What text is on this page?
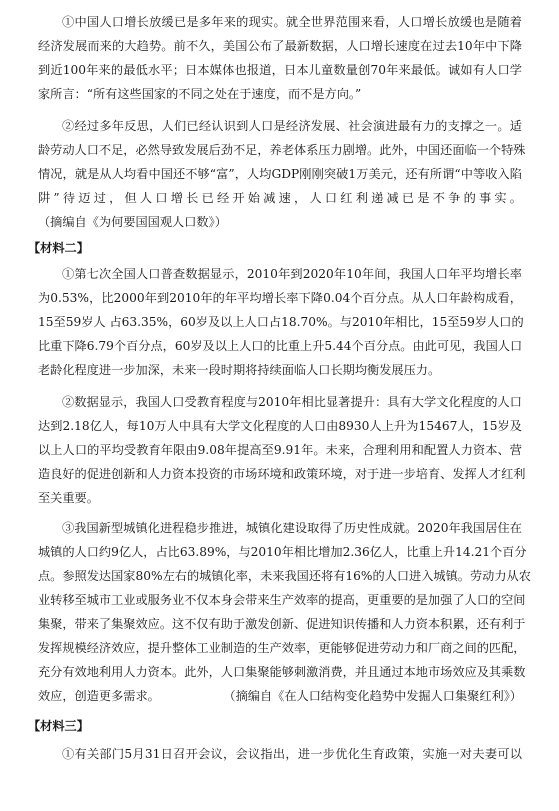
①中国人口增长放缓已是多年来的现实。就全世界范围来看，人口增长放缓也是随着
经济发展而来的大趋势。前不久，美国公布了最新数据，人口增长速度在过去10年中下降
到近100年来的最低水平；日本媒体也报道，日本儿童数量创70年来最低。诚如有人口学
家所言：“所有这些国家的不同之处在于速度，而不是方向。”
②经过多年反思，人们已经认识到人口是经济发展、社会演进最有力的支撑之一。适
龄劳动人口不足，必然导致发展后劲不足，养老体系压力剧增。此外，中国还面临一个特殊
情况，就是从人均看中国还不够“富”，人均GDP刚刚突破1万美元，还有所谓“中等收入陷
阱”待迈过，但人口增长已经开始减速，人口红利递减已是不争的事实。
（摘编自《为何要国国观人口数》）
【材料二】
①第七次全国人口普查数据显示，2010年到2020年10年间，我国人口年平均增长率
为0.53%，比2000年到2010年的年平均增长率下降0.04个百分点。从人口年龄构成看，
15至59岁人 占63.35%，60岁及以上人口占18.70%。与2010年相比，15至59岁人口的
比重下降6.79个百分点，60岁及以上人口的比重上升5.44个百分点。由此可见，我国人口
老龄化程度进一步加深，未来一段时期将持续面临人口长期均衡发展压力。
②数据显示，我国人口受教育程度与2010年相比显著提升：具有大学文化程度的人口
达到2.18亿人，每10万人中具有大学文化程度的人口由8930人上升为15467人，15岁及
以上人口的平均受教育年限由9.08年提高至9.91年。未来，合理利用和配置人力资本、营
造良好的促进创新和人力资本投资的市场环境和政策环境，对于进一步培育、发挥人才红利
至关重要。
③我国新型城镇化进程稳步推进，城镇化建设取得了历史性成就。2020年我国居住在
城镇的人口约9亿人，占比63.89%，与2010年相比增加2.36亿人，比重上升14.21个百分
点。参照发达国家80%左右的城镇化率，未来我国还将有16%的人口进入城镇。劳动力从农
业转移至城市工业或服务业不仅本身会带来生产效率的提高，更重要的是加强了人口的空间
集聚，带来了集聚效应。这不仅有助于激发创新、促进知识传播和人力资本积累，还有利于
发挥规模经济效应，提升整体工业制造的生产效率，更能够促进劳动力和厂商之间的匹配，
充分有效地利用人力资本。此外，人口集聚能够刺激消费，并且通过本地市场效应及其乘数
效应，创造更多需求。	（摘编自《在人口结构变化趋势中发掘人口集聚红利》）
【材料三】
①有关部门5月31日召开会议，会议指出，进一步优化生育政策，实施一对夫妻可以
